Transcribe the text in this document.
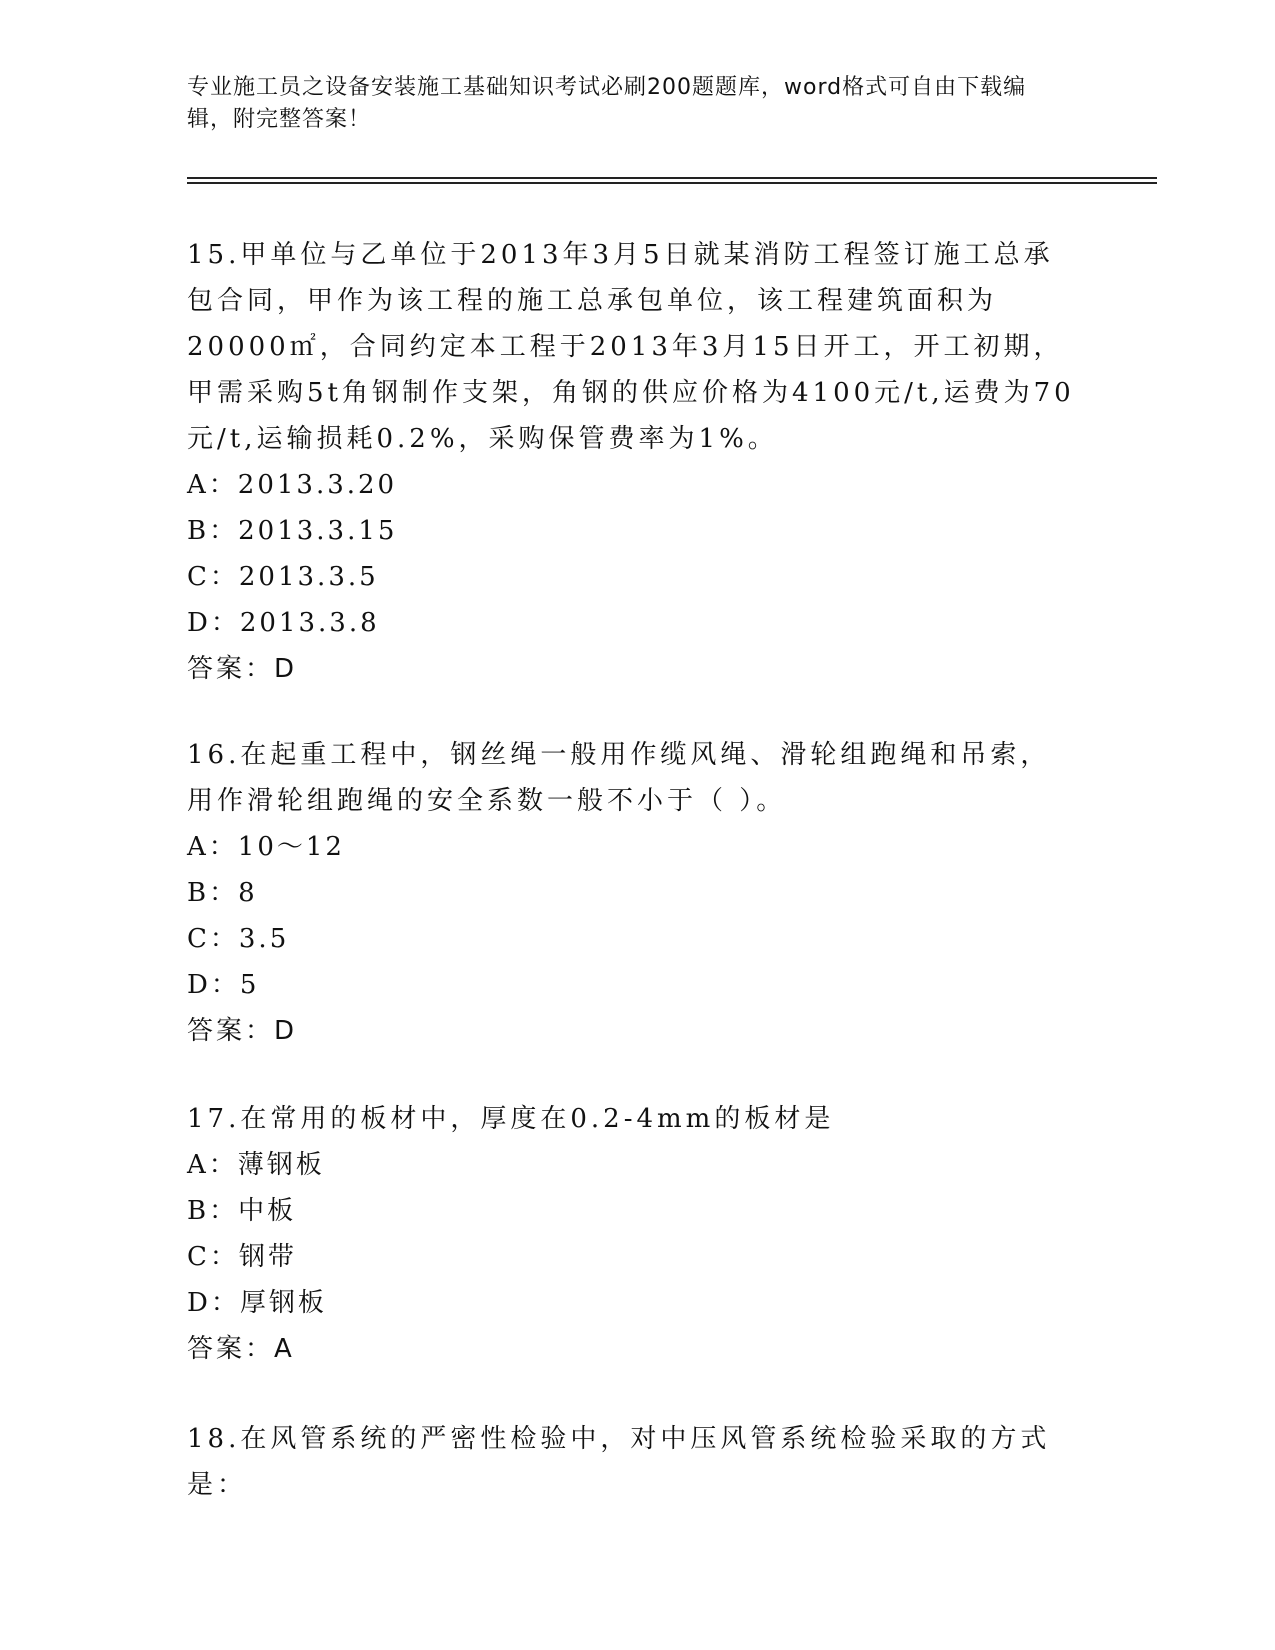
专业施工员之设备安装施工基础知识考试必刷200题题库，word格式可自由下载编辑，附完整答案！

15.甲单位与乙单位于2013年3月5日就某消防工程签订施工总承包合同，甲作为该工程的施工总承包单位，该工程建筑面积为20000㎡，合同约定本工程于2013年3月15日开工，开工初期，甲需采购5t角钢制作支架，角钢的供应价格为4100元/t,运费为70元/t,运输损耗0.2%，采购保管费率为1%。

A：2013.3.20

B：2013.3.15

C：2013.3.5

D：2013.3.8

答案：D

16.在起重工程中，钢丝绳一般用作缆风绳、滑轮组跑绳和吊索，用作滑轮组跑绳的安全系数一般不小于（ ）。

A：10～12

B：8

C：3.5

D：5

答案：D

17.在常用的板材中，厚度在0.2-4mm的板材是

A：薄钢板

B：中板

C：钢带

D：厚钢板

答案：A

18.在风管系统的严密性检验中，对中压风管系统检验采取的方式是：
